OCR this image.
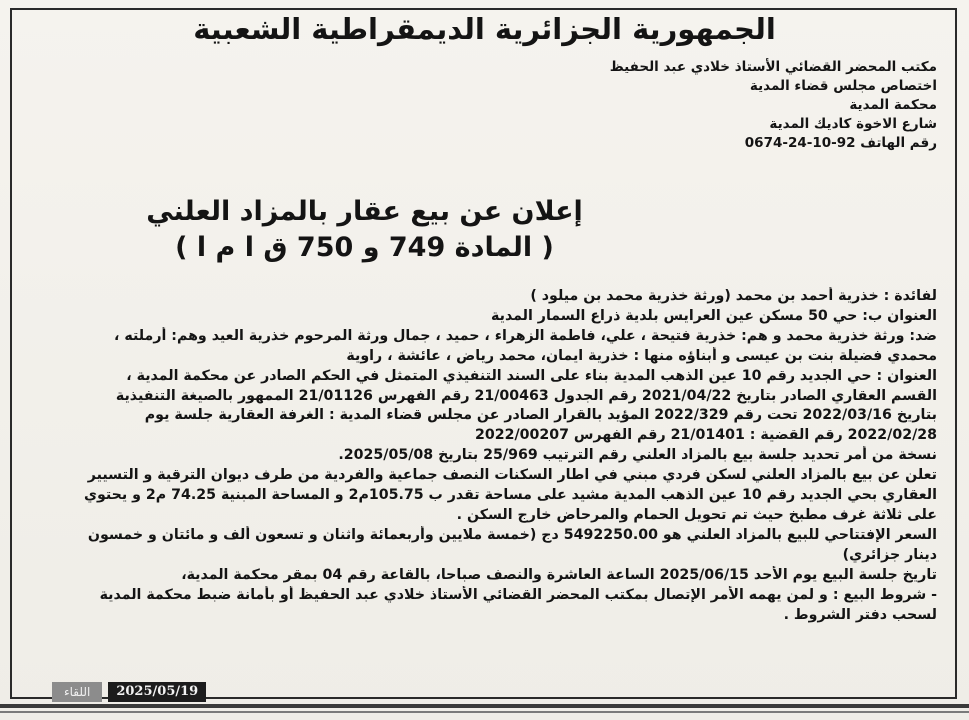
الجمهورية الجزائرية الديمقراطية الشعبية
مكتب المحضر القضائي الأستاذ خلادي عبد الحفيظ
اختصاص مجلس قضاء المدية
محكمة المدية
شارع الاخوة كاديك المدية
رقم الهاتف 92-10-24-0674
إعلان عن بيع عقار بالمزاد العلني
( المادة 749 و 750 ق ا م ا )
لفائدة : خذرية أحمد بن محمد (ورثة خذرية محمد بن ميلود )
العنوان ب: حي 50 مسكن عين العرايس بلدية ذراع السمار المدية
ضد: ورثة خذرية محمد و هم: خذرية فتيحة ، علي، فاطمة الزهراء ، حميد ، جمال ورثة المرحوم خذرية العيد وهم: أرملته ،
محمدي فضيلة بنت بن عيسى و أبناؤه منها : خذرية ايمان، محمد رياض ، عائشة ، راوية
العنوان : حي الجديد رقم 10 عين الذهب المدية بناء على السند التنفيذي المتمثل في الحكم الصادر عن محكمة المدية ،
القسم العقاري الصادر بتاريخ 2021/04/22 رقم الجدول 21/00463 رقم الفهرس 21/01126 الممهور بالصيغة التنفيذية
بتاريخ 2022/03/16 تحت رقم 2022/329 المؤيد بالقرار الصادر عن مجلس قضاء المدية : الغرفة العقارية جلسة يوم
2022/02/28 رقم القضية : 21/01401 رقم الفهرس 2022/00207
نسخة من أمر تحديد جلسة بيع بالمزاد العلني رقم الترتيب 25/969 بتاريخ 2025/05/08.
تعلن عن بيع بالمزاد العلني لسكن فردي مبني في اطار السكنات النصف جماعية والفردية من طرف ديوان الترقية و التسيير
العقاري بحي الجديد رقم 10 عين الذهب المدية مشيد على مساحة تقدر ب 105.75م2 و المساحة المبنية 74.25 م2 و يحتوي
على ثلاثة غرف مطبخ حيث تم تحويل الحمام والمرحاض خارج السكن .
السعر الإفتتاحي للبيع بالمزاد العلني هو 5492250.00 دج (خمسة ملايين وأربعمائة واثنان و تسعون ألف و مائتان و خمسون
دينار جزائري)
تاريخ جلسة البيع يوم الأحد 2025/06/15 الساعة العاشرة والنصف صباحا، بالقاعة رقم 04 بمقر محكمة المدية،
- شروط البيع : و لمن يهمه الأمر الإتصال بمكتب المحضر القضائي الأستاذ خلادي عبد الحفيظ أو بأمانة ضبط محكمة المدية
لسحب دفتر الشروط .
اللقاء	2025/05/19
